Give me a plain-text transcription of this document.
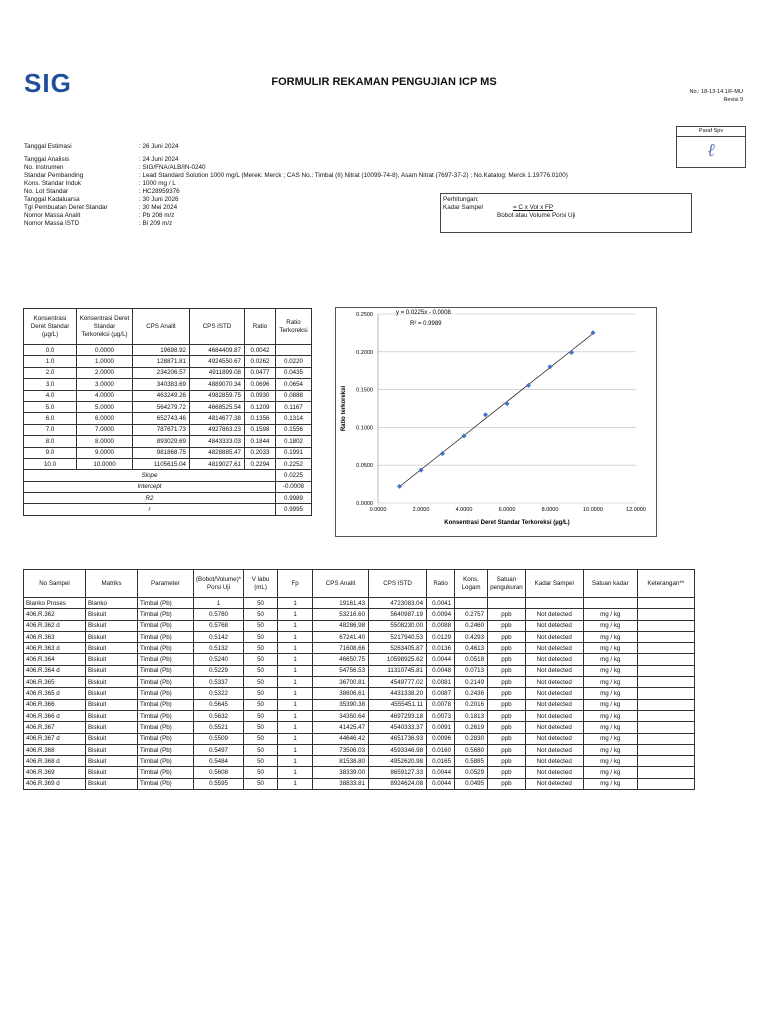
SIG	FORMULIR REKAMAN PENGUJIAN ICP MS
No.: 18-13-14.1/F-MU
Revisi 9
Paraf Spv
ℓ
Tanggal Estimasi	: 26 Juni 2024
Tanggal Analisis	: 24 Juni 2024
No. Instrumen	: SIG/FNA/ALB/IN-0240
Standar Pembanding	: Lead Standard Solution 1000 mg/L (Merek: Merck ; CAS No.: Timbal (II) Nitrat (10099-74-8), Asam Nitrat (7697-37-2) ; No.Katalog: Merck 1.19776.0100)
Kons. Standar Induk	: 1000 mg / L
No. Lot Standar	: HC28959376
Tanggal Kadaluarsa	: 30 Juni 2026
Tgl Pembuatan Deret Standar	: 30 Mei 2024
Nomor Massa Analit	: Pb 208 m/z
Nomor Massa ISTD	: Bi 209 m/z
Perhitungan:
Kadar Sampel	= C x Vol x FP
Bobot atau Volume Porsi Uji
Konsentrasi Deret Standar (µg/L)	Konsentrasi Deret Standar Terkoreksi (µg/L)	CPS Analit	CPS ISTD	Ratio	Ratio Terkoreksi
0.0	0.0000	19698.92	4684409.87	0.0042	
1.0	1.0000	128871.81	4924550.67	0.0262	0.0220
2.0	2.0000	234206.57	4911899.08	0.0477	0.0435
3.0	3.0000	340383.69	4889070.34	0.0696	0.0654
4.0	4.0000	463249.26	4982859.75	0.0930	0.0888
5.0	5.0000	564279.72	4668525.54	0.1209	0.1167
6.0	6.0000	652743.46	4814677.38	0.1356	0.1314
7.0	7.0000	787671.73	4927863.23	0.1598	0.1556
8.0	8.0000	893029.69	4843333.03	0.1844	0.1802
9.0	9.0000	981868.75	4828885.47	0.2033	0.1991
10.0	10.0000	1105615.04	4819027.61	0.2294	0.2252
Slope					0.0225
Intercept					-0.0008
R2					0.9989
r					0.9995
0.0000
0.0500
0.1000
0.1500
0.2000
0.2500
0.0000	2.0000	4.0000	6.0000	8.0000	10.0000	12.0000
Konsentrasi Deret Standar Terkoreksi (µg/L)
Ratio terkoreksi
y = 0.0225x - 0.0008
R² = 0.9989
No Sampel	Matriks	Parameter	(Bobot/Volume)* Porsi Uji	V labu (mL)	Fp	CPS Analit	CPS ISTD	Ratio	Kons. Logam	Satuan pengukuran	Kadar Sampel	Satuan kadar	Keterangan**
Blanko Proses	Blanko	Timbal (Pb)	1	50	1	19161.43	4723083.04	0.0041					
406.R.362	Biskuit	Timbal (Pb)	0.5780	50	1	53216.60	5640987.19	0.0094	0.2757	ppb	Not detected	mg / kg	
406.R.362 d	Biskuit	Timbal (Pb)	0.5768	50	1	48286.98	5508230.00	0.0088	0.2460	ppb	Not detected	mg / kg	
406.R.363	Biskuit	Timbal (Pb)	0.5142	50	1	67241.40	5217940.53	0.0129	0.4293	ppb	Not detected	mg / kg	
406.R.363 d	Biskuit	Timbal (Pb)	0.5132	50	1	71608.66	5263405.87	0.0136	0.4613	ppb	Not detected	mg / kg	
406.R.364	Biskuit	Timbal (Pb)	0.5240	50	1	46650.75	10598925.62	0.0044	0.0518	ppb	Not detected	mg / kg	
406.R.364 d	Biskuit	Timbal (Pb)	0.5229	50	1	54756.53	11310745.81	0.0048	0.0713	ppb	Not detected	mg / kg	
406.R.365	Biskuit	Timbal (Pb)	0.5337	50	1	36700.81	4549777.02	0.0081	0.2149	ppb	Not detected	mg / kg	
406.R.365 d	Biskuit	Timbal (Pb)	0.5322	50	1	38606.61	4431338.20	0.0087	0.2436	ppb	Not detected	mg / kg	
406.R.366	Biskuit	Timbal (Pb)	0.5645	50	1	35390.38	4555451.11	0.0078	0.2016	ppb	Not detected	mg / kg	
406.R.366 d	Biskuit	Timbal (Pb)	0.5632	50	1	34350.64	4697293.18	0.0073	0.1813	ppb	Not detected	mg / kg	
406.R.367	Biskuit	Timbal (Pb)	0.5521	50	1	41425.47	4540333.37	0.0091	0.2619	ppb	Not detected	mg / kg	
406.R.367 d	Biskuit	Timbal (Pb)	0.5509	50	1	44646.42	4651736.93	0.0096	0.2830	ppb	Not detected	mg / kg	
406.R.368	Biskuit	Timbal (Pb)	0.5497	50	1	73506.03	4593346.98	0.0160	0.5680	ppb	Not detected	mg / kg	
406.R.368 d	Biskuit	Timbal (Pb)	0.5484	50	1	81538.80	4952620.98	0.0165	0.5885	ppb	Not detected	mg / kg	
406.R.369	Biskuit	Timbal (Pb)	0.5608	50	1	38339.00	8659127.33	0.0044	0.0529	ppb	Not detected	mg / kg	
406.R.369 d	Biskuit	Timbal (Pb)	0.5595	50	1	38833.81	8924624.08	0.0044	0.0495	ppb	Not detected	mg / kg	
